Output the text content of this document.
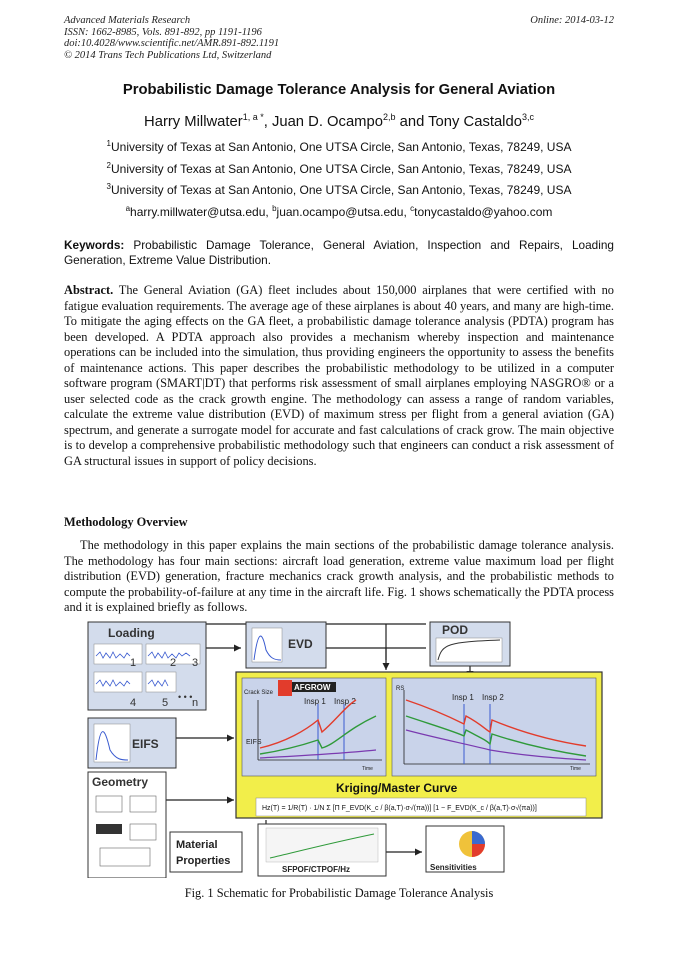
Advanced Materials Research
ISSN: 1662-8985, Vols. 891-892, pp 1191-1196
doi:10.4028/www.scientific.net/AMR.891-892.1191
© 2014 Trans Tech Publications Ltd, Switzerland
Online: 2014-03-12
Probabilistic Damage Tolerance Analysis for General Aviation
Harry Millwater$^{1, a *}$, Juan D. Ocampo$^{2,b}$ and Tony Castaldo$^{3,c}$
$^1$University of Texas at San Antonio, One UTSA Circle, San Antonio, Texas, 78249, USA
$^2$University of Texas at San Antonio, One UTSA Circle, San Antonio, Texas, 78249, USA
$^3$University of Texas at San Antonio, One UTSA Circle, San Antonio, Texas, 78249, USA
$^a$harry.millwater@utsa.edu, $^b$juan.ocampo@utsa.edu, $^c$tonycastaldo@yahoo.com
Keywords: Probabilistic Damage Tolerance, General Aviation, Inspection and Repairs, Loading Generation, Extreme Value Distribution.
Abstract. The General Aviation (GA) fleet includes about 150,000 airplanes that were certified with no fatigue evaluation requirements. The average age of these airplanes is about 40 years, and many are high-time. To mitigate the aging effects on the GA fleet, a probabilistic damage tolerance analysis (PDTA) program has been developed. A PDTA approach also provides a mechanism whereby inspection and maintenance operations can be included into the simulation, thus providing engineers the opportunity to assess the benefits of maintenance actions. This paper describes the probabilistic methodology to be utilized in a computer software program (SMART|DT) that performs risk assessment of small airplanes employing NASGRO® or a user selected code as the crack growth engine. The methodology can assess a range of random variables, calculate the extreme value distribution (EVD) of maximum stress per flight from a general aviation (GA) spectrum, and generate a surrogate model for accurate and fast calculations of crack grow. The main objective is to develop a comprehensive probabilistic methodology such that engineers can conduct a risk assessment of GA structural issues in support of policy decisions.
Methodology Overview
The methodology in this paper explains the main sections of the probabilistic damage tolerance analysis. The methodology has four main sections: aircraft load generation, extreme value maximum load per flight distribution (EVD) generation, fracture mechanics crack growth analysis, and the probabilistic methods to compute the probability-of-failure at any time in the aircraft life. Fig. 1 shows schematically the PDTA process and it is explained briefly as follows.
Loading
1	2 3
4 5 • • • n
EVD
POD
EIFS
Geometry
AFGROW
Crack Size
Insp 1 Insp 2
EIFS
Time
RS
Insp 1 Insp 2
Time
Kriging/Master Curve
Hz(T) = 1/R(T) · 1/N Σ [Π F_EVD(K_c / β(a,T)·σ√(πa))] [1 − F_EVD(K_c / β(a,T)·σ√(πa))]
Material
Properties
SFPOF/CTPOF/Hz	Sensitivities
Fig. 1 Schematic for Probabilistic Damage Tolerance Analysis
